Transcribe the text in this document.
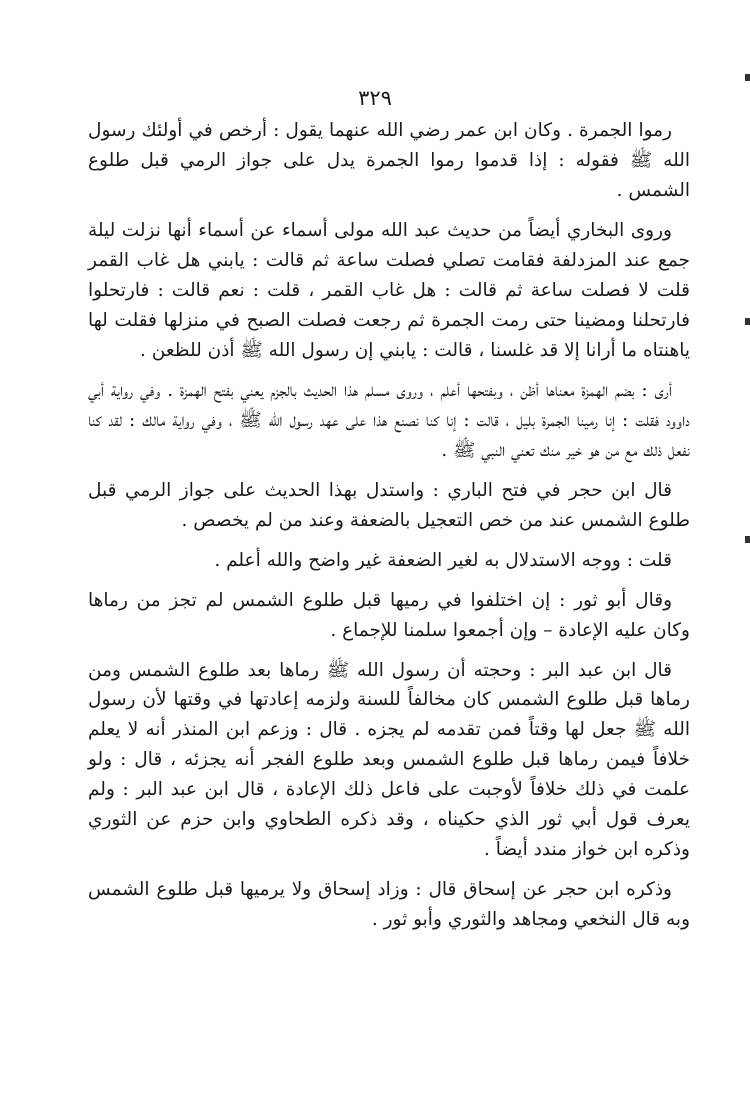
٣٢٩

رموا الجمرة . وكان ابن عمر رضي الله عنهما يقول : أرخص في أولئك رسول الله ﷺ فقوله : إذا قدموا رموا الجمرة يدل على جواز الرمي قبل طلوع الشمس .

وروى البخاري أيضاً من حديث عبد الله مولى أسماء عن أسماء أنها نزلت ليلة جمع عند المزدلفة فقامت تصلي فصلت ساعة ثم قالت : يابني هل غاب القمر قلت لا فصلت ساعة ثم قالت : هل غاب القمر ، قلت : نعم قالت : فارتحلوا فارتحلنا ومضينا حتى رمت الجمرة ثم رجعت فصلت الصبح في منزلها فقلت لها ياهنتاه ما أرانا إلا قد غلسنا ، قالت : يابني إن رسول الله ﷺ أذن للظعن .

أرى : بضم الهمزة معناها أظن ، وبفتحها أعلم ، وروى مسلم هذا الحديث بالجزم يعني بفتح الهمزة . وفي رواية أبي داوود فقلت : إنا رمينا الجمرة بليل ، قالت : إنا كنا نصنع هذا على عهد رسول الله ﷺ ، وفي رواية مالك : لقد كنا نفعل ذلك مع من هو خير منك تعني النبي ﷺ .

قال ابن حجر في فتح الباري : واستدل بهذا الحديث على جواز الرمي قبل طلوع الشمس عند من خص التعجيل بالضعفة وعند من لم يخصص .

قلت : ووجه الاستدلال به لغير الضعفة غير واضح والله أعلم .

وقال أبو ثور : إن اختلفوا في رميها قبل طلوع الشمس لم تجز من رماها وكان عليه الإعادة – وإن أجمعوا سلمنا للإجماع .

قال ابن عبد البر : وحجته أن رسول الله ﷺ رماها بعد طلوع الشمس ومن رماها قبل طلوع الشمس كان مخالفاً للسنة ولزمه إعادتها في وقتها لأن رسول الله ﷺ جعل لها وقتاً فمن تقدمه لم يجزه . قال : وزعم ابن المنذر أنه لا يعلم خلافاً فيمن رماها قبل طلوع الشمس وبعد طلوع الفجر أنه يجزئه ، قال : ولو علمت في ذلك خلافاً لأوجبت على فاعل ذلك الإعادة ، قال ابن عبد البر : ولم يعرف قول أبي ثور الذي حكيناه ، وقد ذكره الطحاوي وابن حزم عن الثوري وذكره ابن خواز مندد أيضاً .

وذكره ابن حجر عن إسحاق قال : وزاد إسحاق ولا يرميها قبل طلوع الشمس وبه قال النخعي ومجاهد والثوري وأبو ثور .
